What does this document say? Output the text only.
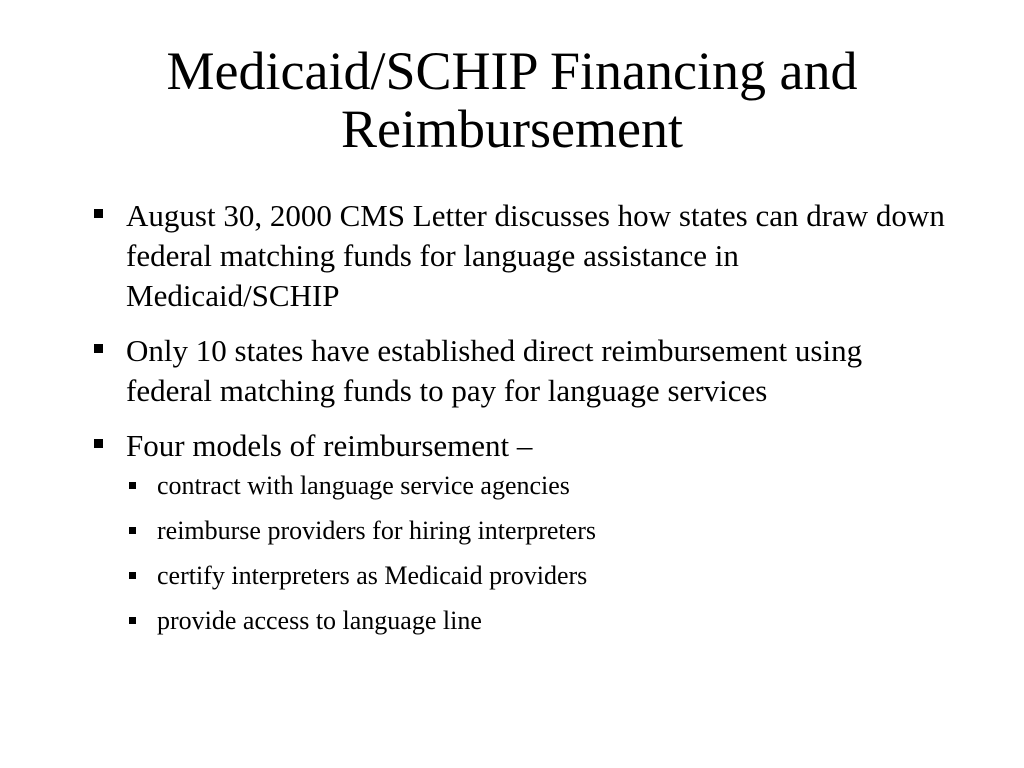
Medicaid/SCHIP Financing and Reimbursement
August 30, 2000 CMS Letter discusses how states can draw down federal matching funds for language assistance in Medicaid/SCHIP
Only 10 states have established direct reimbursement using federal matching funds to pay for language services
Four models of reimbursement –
contract with language service agencies
reimburse providers for hiring interpreters
certify interpreters as Medicaid providers
provide access to language line
